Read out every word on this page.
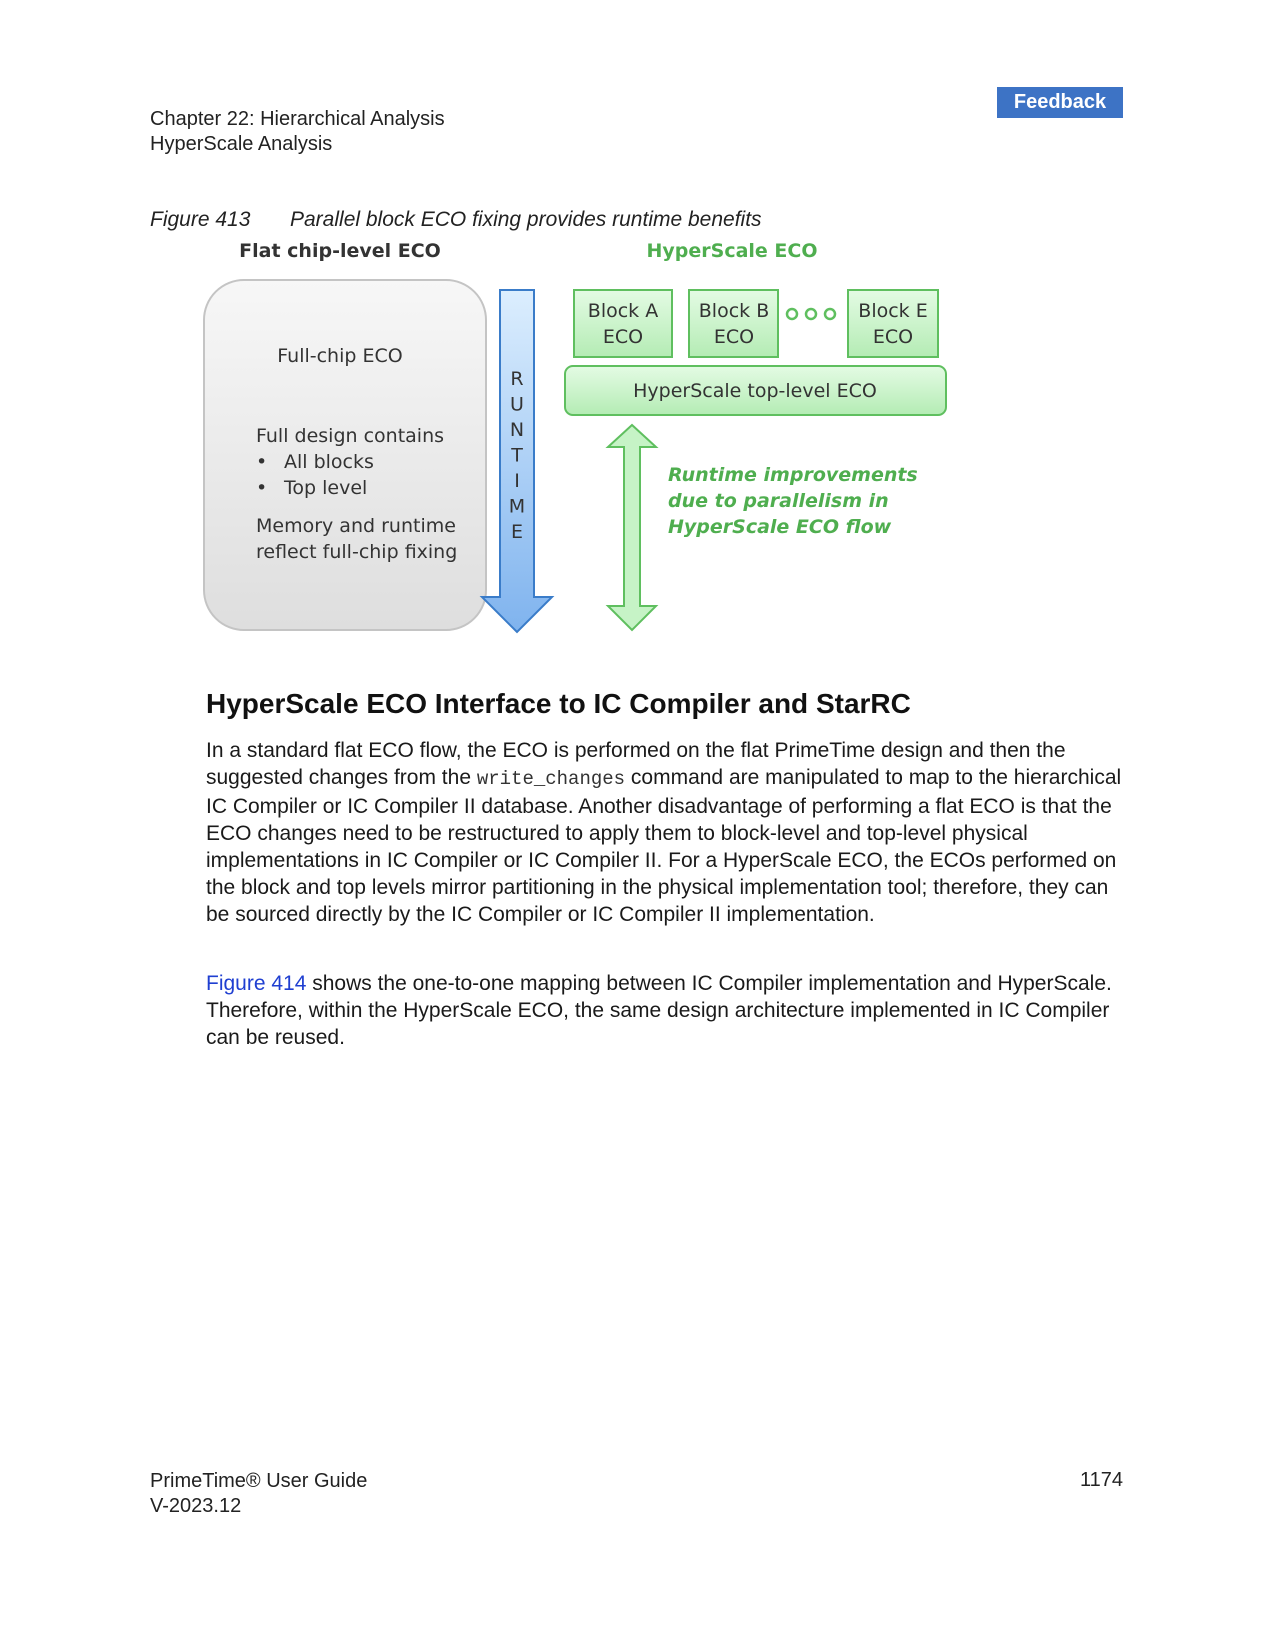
Chapter 22: Hierarchical Analysis
HyperScale Analysis
Feedback
Figure 413 Parallel block ECO fixing provides runtime benefits
Flat chip-level ECO	HyperScale ECO
Full-chip ECO
Full design contains
• All blocks
• Top level
Memory and runtime
reflect full-chip fixing
R
U
N
T
I
M
E
Block A
ECO
Block B
ECO
Block E
ECO
HyperScale top-level ECO
Runtime improvements
due to parallelism in
HyperScale ECO flow
HyperScale ECO Interface to IC Compiler and StarRC
In a standard flat ECO flow, the ECO is performed on the flat PrimeTime design and then the suggested changes from the write_changes command are manipulated to map to the hierarchical IC Compiler or IC Compiler II database. Another disadvantage of performing a flat ECO is that the ECO changes need to be restructured to apply them to block-level and top-level physical implementations in IC Compiler or IC Compiler II. For a HyperScale ECO, the ECOs performed on the block and top levels mirror partitioning in the physical implementation tool; therefore, they can be sourced directly by the IC Compiler or IC Compiler II implementation.
Figure 414 shows the one-to-one mapping between IC Compiler implementation and HyperScale. Therefore, within the HyperScale ECO, the same design architecture implemented in IC Compiler can be reused.
PrimeTime® User Guide
V-2023.12
1174
